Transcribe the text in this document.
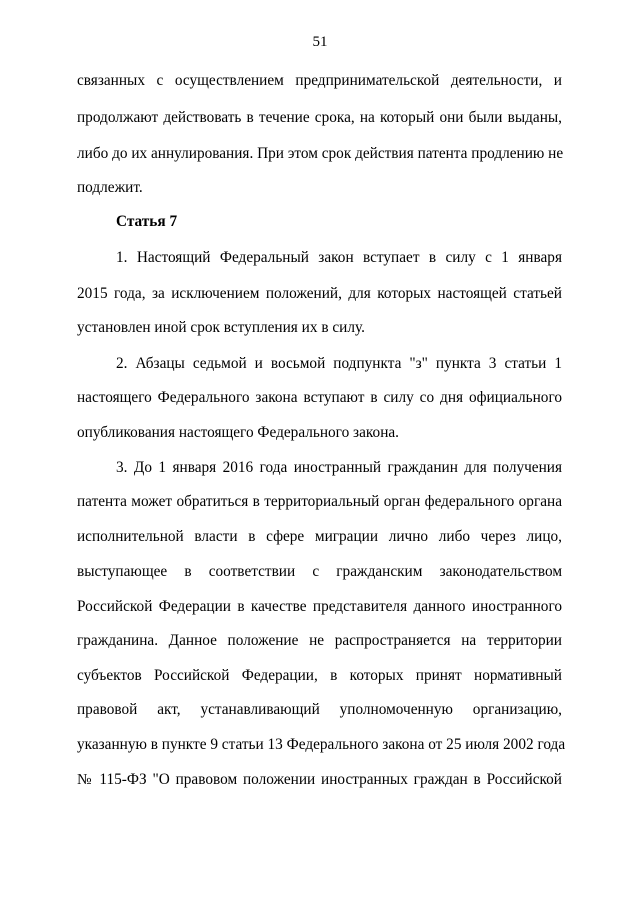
51
связанных с осуществлением предпринимательской деятельности, и
продолжают действовать в течение срока, на который они были выданы,
либо до их аннулирования. При этом срок действия патента продлению не
подлежит.
Статья 7
1. Настоящий Федеральный закон вступает в силу с 1 января
2015 года, за исключением положений, для которых настоящей статьей
установлен иной срок вступления их в силу.
2. Абзацы седьмой и восьмой подпункта "з" пункта 3 статьи 1
настоящего Федерального закона вступают в силу со дня официального
опубликования настоящего Федерального закона.
3. До 1 января 2016 года иностранный гражданин для получения
патента может обратиться в территориальный орган федерального органа
исполнительной власти в сфере миграции лично либо через лицо,
выступающее в соответствии с гражданским законодательством
Российской Федерации в качестве представителя данного иностранного
гражданина. Данное положение не распространяется на территории
субъектов Российской Федерации, в которых принят нормативный
правовой акт, устанавливающий уполномоченную организацию,
указанную в пункте 9 статьи 13 Федерального закона от 25 июля 2002 года
№ 115-ФЗ "О правовом положении иностранных граждан в Российской
